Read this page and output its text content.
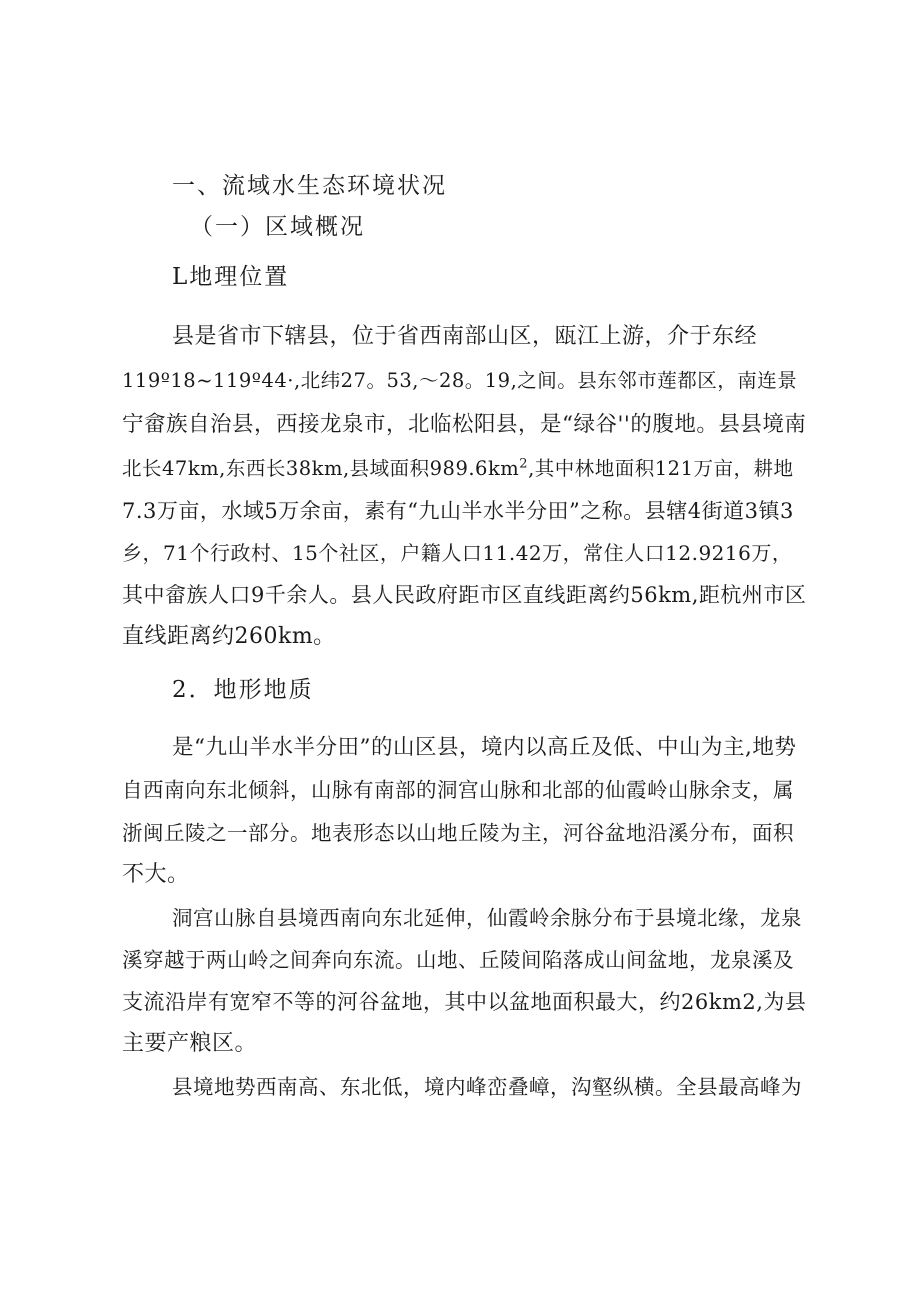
一、流域水生态环境状况
（一）区域概况
L地理位置
县是省市下辖县，位于省西南部山区，瓯江上游，介于东经
119º18~119º44·,北纬27。53,～28。19,之间。县东邻市莲都区，南连景
宁畲族自治县，西接龙泉市，北临松阳县，是“绿谷''的腹地。县县境南
北长47km,东西长38km,县域面积$989.6km^2$,其中林地面积121万亩，耕地
7.3万亩，水域5万余亩，素有“九山半水半分田”之称。县辖4街道3镇3
乡，71个行政村、15个社区，户籍人口11.42万，常住人口12.9216万，
其中畲族人口9千余人。县人民政府距市区直线距离约56km,距杭州市区
直线距离约260km。
2．地形地质
是“九山半水半分田”的山区县，境内以高丘及低、中山为主,地势
自西南向东北倾斜，山脉有南部的洞宫山脉和北部的仙霞岭山脉余支，属
浙闽丘陵之一部分。地表形态以山地丘陵为主，河谷盆地沿溪分布，面积
不大。
洞宫山脉自县境西南向东北延伸，仙霞岭余脉分布于县境北缘，龙泉
溪穿越于两山岭之间奔向东流。山地、丘陵间陷落成山间盆地，龙泉溪及
支流沿岸有宽窄不等的河谷盆地，其中以盆地面积最大，约26km2,为县
主要产粮区。
县境地势西南高、东北低，境内峰峦叠嶂，沟壑纵横。全县最高峰为
